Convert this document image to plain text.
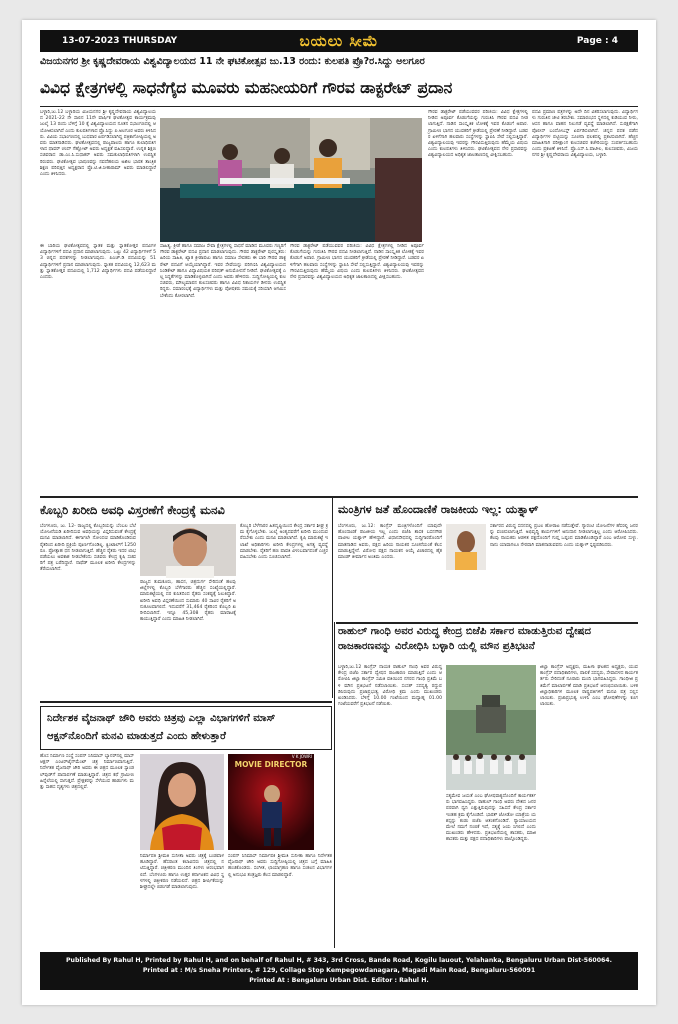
13-07-2023 THURSDAY	ಬಯಲು ಸೀಮೆ	Page : 4
ವಿಜಯನಗರ ಶ್ರೀ ಕೃಷ್ಣದೇವರಾಯ ವಿಶ್ವವಿದ್ಯಾಲಯದ 11 ನೇ ಘಟಿಕೋತ್ಸವ ಜು.13 ರಂದು: ಕುಲಪತಿ ಪ್ರೊ?ರ.ಸಿದ್ದು ಅಲಗೂರ
ವಿವಿಧ ಕ್ಷೇತ್ರಗಳಲ್ಲಿ ಸಾಧನೆಗೈದ ಮೂವರು ಮಹನೀಯರಿಗೆ ಗೌರವ ಡಾಕ್ಟರೇಟ್ ಪ್ರದಾನ
ಬಳ್ಳಾರಿ,ಜು.12 ಬಳ್ಳಾರಿಯ ವಿಜಯನಗರ ಶ್ರೀ ಕೃಷ್ಣದೇವರಾಯ ವಿಶ್ವವಿದ್ಯಾಲಯದ 2021-22 ನೇ ಸಾಲಿನ 11ನೇ ವಾರ್ಷಿಕ ಘಟಿಕೋತ್ಸವ ಕಾರ್ಯಕ್ರಮವು ಜುಲೈ 13 ರಂದು ಬೆಳಿಗ್ಗೆ 10 ಕ್ಕೆ ವಿಶ್ವವಿದ್ಯಾಲಯದ ನೂತನ ಸಭಾಂಗಣದಲ್ಲಿ ಆಯೋಜಿಸಲಾಗಿದೆ ಎಂದು ಕುಲಪತಿಗಳಾದ ಪ್ರೊ.ಸಿದ್ದು ಪಿ.ಅಲಗೂರ ಅವರು ತಿಳಿಸಿದರು. ವಿವಿಯ ಸಭಾಂಗಣದಲ್ಲಿ ಬುಧವಾರ ಏರ್ಪಡಿಸಲಾಗಿದ್ದ ಪತ್ರಿಕಾಗೋಷ್ಠಿಯಲ್ಲಿ ಅವರು ಮಾತನಾಡಿದರು. ಘಟಿಕೋತ್ಸವದಲ್ಲಿ ರಾಜ್ಯಪಾಲರು ಹಾಗೂ ಕುಲಾಧಿಪತಿಗಳಾದ ಥಾವರ್ ಚಂದ್ ಗೆಹ್ಲೋಟ್ ಅವರು ಅಧ್ಯಕ್ಷತೆ ವಹಿಸಲಿದ್ದಾರೆ. ಉನ್ನತ ಶಿಕ್ಷಣ ಸಚಿವರಾದ ಡಾ.ಎಂ.ಸಿ.ಸುಧಾಕರ್ ಅವರು ಸಮಕುಲಾಧಿಪತಿಗಳಾಗಿ ಉಪಸ್ಥಿತರಿರುವರು. ಘಟಿಕೋತ್ಸವ ಭಾಷಣವನ್ನು ನವದೆಹಲಿಯ ಅಖಿಲ ಭಾರತ ತಾಂತ್ರಿಕ ಶಿಕ್ಷಣ ಪರಿಷತ್ತಿನ ಅಧ್ಯಕ್ಷರಾದ ಪ್ರೊ.ಟಿ.ಜಿ.ಸೀತಾರಾಮ್ ಅವರು ಮಾಡಲಿದ್ದಾರೆ ಎಂದು ತಿಳಿಸಿದರು.
ಈ ಬಾರಿಯ ಘಟಿಕೋತ್ಸವದಲ್ಲಿ ಸ್ನಾತಕ ಮತ್ತು ಸ್ನಾತಕೋತ್ತರ ಪದವಿಗಳ ವಿದ್ಯಾರ್ಥಿಗಳಿಗೆ ಪದವಿ ಪ್ರದಾನ ಮಾಡಲಾಗುವುದು. ಒಟ್ಟು 42 ವಿದ್ಯಾರ್ಥಿಗಳಿಗೆ 53 ಚಿನ್ನದ ಪದಕಗಳನ್ನು ನೀಡಲಾಗುವುದು. ಪಿಎಚ್.ಡಿ ಪದವಿಯನ್ನು 51 ವಿದ್ಯಾರ್ಥಿಗಳಿಗೆ ಪ್ರದಾನ ಮಾಡಲಾಗುವುದು. ಸ್ನಾತಕ ಪದವಿಯಲ್ಲಿ 12,623 ಮತ್ತು ಸ್ನಾತಕೋತ್ತರ ಪದವಿಯಲ್ಲಿ 1,712 ವಿದ್ಯಾರ್ಥಿಗಳು ಪದವಿ ಪಡೆಯಲಿದ್ದಾರೆ ಎಂದರು.
ಸಾಹಿತ್ಯ, ಕ್ರೀಡೆ ಹಾಗೂ ಸಮಾಜ ಸೇವಾ ಕ್ಷೇತ್ರಗಳಲ್ಲಿ ಸಾಧನೆ ಮಾಡಿದ ಮೂವರು ಗಣ್ಯರಿಗೆ ಗೌರವ ಡಾಕ್ಟರೇಟ್ ಪದವಿ ಪ್ರದಾನ ಮಾಡಲಾಗುವುದು. ಗೌರವ ಡಾಕ್ಟರೇಟ್ ಪುರಸ್ಕೃತರು: ಹಿರಿಯ ಸಾಹಿತಿ, ಖ್ಯಾತ ಕ್ರೀಡಾಪಟು ಹಾಗೂ ಸಮಾಜ ಸೇವಕರು ಈ ಬಾರಿ ಗೌರವ ಡಾಕ್ಟರೇಟ್ ಪದವಿಗೆ ಆಯ್ಕೆಯಾಗಿದ್ದಾರೆ. ಇವರ ಸೇವೆಯನ್ನು ಪರಿಗಣಿಸಿ ವಿಶ್ವವಿದ್ಯಾಲಯದ ಸಿಂಡಿಕೇಟ್ ಹಾಗೂ ವಿದ್ಯಾವಿಷಯಕ ಪರಿಷತ್ ಅನುಮೋದನೆ ನೀಡಿದೆ. ಘಟಿಕೋತ್ಸವಕ್ಕೆ ಎಲ್ಲ ಸಿದ್ಧತೆಗಳನ್ನು ಮಾಡಿಕೊಳ್ಳಲಾಗಿದೆ ಎಂದು ಅವರು ಹೇಳಿದರು. ಸುದ್ದಿಗೋಷ್ಠಿಯಲ್ಲಿ ಕುಲಸಚಿವರು, ಮೌಲ್ಯಮಾಪನ ಕುಲಸಚಿವರು ಹಾಗೂ ವಿವಿಧ ನಿಕಾಯಗಳ ಡೀನರು ಉಪಸ್ಥಿತರಿದ್ದರು. ಸಮಾರಂಭಕ್ಕೆ ವಿದ್ಯಾರ್ಥಿಗಳು ಮತ್ತು ಪೋಷಕರು ಸಮಯಕ್ಕೆ ಸರಿಯಾಗಿ ಆಗಮಿಸಬೇಕೆಂದು ಕೋರಲಾಗಿದೆ.
ಗೌರವ ಡಾಕ್ಟರೇಟ್ ಪಡೆಯುವವರ ಪರಿಚಯ: ವಿವಿಧ ಕ್ಷೇತ್ರಗಳಲ್ಲಿ ನೀಡಿದ ಅಪೂರ್ವ ಕೊಡುಗೆಯನ್ನು ಗುರುತಿಸಿ ಗೌರವ ಪದವಿ ನೀಡಲಾಗುತ್ತಿದೆ. ನಾಡಿನ ಸಾಂಸ್ಕೃತಿಕ ಲೋಕಕ್ಕೆ ಇವರ ಕೊಡುಗೆ ಅಪಾರ. ಗ್ರಾಮೀಣ ಭಾಗದ ಯುವಕರಿಗೆ ಕ್ರೀಡೆಯಲ್ಲಿ ಪ್ರೇರಣೆ ನೀಡಿದ್ದಾರೆ. ಬಡವರ ಏಳಿಗೆಗಾಗಿ ಹಲವಾರು ಸಂಸ್ಥೆಗಳನ್ನು ಸ್ಥಾಪಿಸಿ ಸೇವೆ ಸಲ್ಲಿಸುತ್ತಿದ್ದಾರೆ. ವಿಶ್ವವಿದ್ಯಾಲಯವು ಇವರನ್ನು ಗೌರವಿಸುತ್ತಿರುವುದು ಹೆಮ್ಮೆಯ ವಿಷಯ ಎಂದು ಕುಲಪತಿಗಳು ತಿಳಿಸಿದರು. ಘಟಿಕೋತ್ಸವದ ನೇರ ಪ್ರಸಾರವನ್ನು ವಿಶ್ವವಿದ್ಯಾಲಯದ ಅಧಿಕೃತ ಜಾಲತಾಣದಲ್ಲಿ ವೀಕ್ಷಿಸಬಹುದು.
ಗೌರವ ಡಾಕ್ಟರೇಟ್ ಪಡೆಯುವವರ ಪರಿಚಯ: ವಿವಿಧ ಕ್ಷೇತ್ರಗಳಲ್ಲಿ ನೀಡಿದ ಅಪೂರ್ವ ಕೊಡುಗೆಯನ್ನು ಗುರುತಿಸಿ ಗೌರವ ಪದವಿ ನೀಡಲಾಗುತ್ತಿದೆ. ನಾಡಿನ ಸಾಂಸ್ಕೃತಿಕ ಲೋಕಕ್ಕೆ ಇವರ ಕೊಡುಗೆ ಅಪಾರ. ಗ್ರಾಮೀಣ ಭಾಗದ ಯುವಕರಿಗೆ ಕ್ರೀಡೆಯಲ್ಲಿ ಪ್ರೇರಣೆ ನೀಡಿದ್ದಾರೆ. ಬಡವರ ಏಳಿಗೆಗಾಗಿ ಹಲವಾರು ಸಂಸ್ಥೆಗಳನ್ನು ಸ್ಥಾಪಿಸಿ ಸೇವೆ ಸಲ್ಲಿಸುತ್ತಿದ್ದಾರೆ. ವಿಶ್ವವಿದ್ಯಾಲಯವು ಇವರನ್ನು ಗೌರವಿಸುತ್ತಿರುವುದು ಹೆಮ್ಮೆಯ ವಿಷಯ ಎಂದು ಕುಲಪತಿಗಳು ತಿಳಿಸಿದರು. ಘಟಿಕೋತ್ಸವದ ನೇರ ಪ್ರಸಾರವನ್ನು ವಿಶ್ವವಿದ್ಯಾಲಯದ ಅಧಿಕೃತ ಜಾಲತಾಣದಲ್ಲಿ ವೀಕ್ಷಿಸಬಹುದು.
ಪದವಿ ಪ್ರಮಾಣ ಪತ್ರಗಳನ್ನು ಅದೇ ದಿನ ವಿತರಿಸಲಾಗುವುದು. ವಿದ್ಯಾರ್ಥಿಗಳು ಗುರುತಿನ ಚೀಟಿ ತರಬೇಕು. ಸಮಾರಂಭದ ಸ್ಥಳದಲ್ಲಿ ಕುಡಿಯುವ ನೀರು, ಆಸನ ಹಾಗೂ ವಾಹನ ನಿಲುಗಡೆ ವ್ಯವಸ್ಥೆ ಮಾಡಲಾಗಿದೆ. ಸುರಕ್ಷತೆಗಾಗಿ ಪೊಲೀಸ್ ಬಂದೋಬಸ್ತ್ ಏರ್ಪಡಿಸಲಾಗಿದೆ. ಚಿನ್ನದ ಪದಕ ಪಡೆದ ವಿದ್ಯಾರ್ಥಿಗಳ ಪಟ್ಟಿಯನ್ನು ಸೂಚನಾ ಫಲಕದಲ್ಲಿ ಪ್ರಕಟಿಸಲಾಗಿದೆ. ಹೆಚ್ಚಿನ ಮಾಹಿತಿಗಾಗಿ ಪರೀಕ್ಷಾಂಗ ಕುಲಸಚಿವರ ಕಚೇರಿಯನ್ನು ಸಂಪರ್ಕಿಸಬಹುದು ಎಂದು ಪ್ರಕಟಣೆ ತಿಳಿಸಿದೆ. ಪ್ರೊ.ಎಸ್.ಸಿ.ಪಾಟೀಲ, ಕುಲಸಚಿವರು, ವಿಜಯನಗರ ಶ್ರೀ ಕೃಷ್ಣದೇವರಾಯ ವಿಶ್ವವಿದ್ಯಾಲಯ, ಬಳ್ಳಾರಿ.
ಕೊಬ್ಬರಿ ಖರೀದಿ ಅವಧಿ ವಿಸ್ತರಣೆಗೆ ಕೇಂದ್ರಕ್ಕೆ ಮನವಿ
ಬೆಂಗಳೂರು, ಜು. 12- ರಾಜ್ಯದಲ್ಲಿ ಕೊಬ್ಬರಿಯನ್ನು ಬೆಂಬಲ ಬೆಲೆ ಯೋಜನೆಯಡಿ ಖರೀದಿಸುವ ಅವಧಿಯನ್ನು ವಿಸ್ತರಿಸುವಂತೆ ಕೇಂದ್ರಕ್ಕೆ ಮನವಿ ಮಾಡಲಾಗಿದೆ. ಈಗಾಗಲೇ ನೋಂದಣಿ ಮಾಡಿಕೊಂಡಿರುವ ರೈತರಿಂದ ಖರೀದಿ ಪ್ರಕ್ರಿಯೆ ಪೂರ್ಣಗೊಂಡಿಲ್ಲ. ಕ್ವಿಂಟಾಲ್‌ಗೆ 1250 ರೂ. ಪ್ರೋತ್ಸಾಹ ಧನ ನೀಡಲಾಗುತ್ತಿದೆ. ಹೆಚ್ಚಿನ ರೈತರು ಇದರ ಲಾಭ ಪಡೆಯಲು ಅವಕಾಶ ನೀಡಬೇಕೆಂದು ಸಚಿವರು ಕೇಂದ್ರ ಕೃಷಿ ಸಚಿವರಿಗೆ ಪತ್ರ ಬರೆದಿದ್ದಾರೆ. ನಾಫೆಡ್ ಮೂಲಕ ಖರೀದಿ ಕೇಂದ್ರಗಳನ್ನು ತೆರೆಯಲಾಗಿದೆ.
ರಾಜ್ಯದ ತುಮಕೂರು, ಹಾಸನ, ಚಿತ್ರದುರ್ಗ ಸೇರಿದಂತೆ ಹಲವು ಜಿಲ್ಲೆಗಳಲ್ಲಿ ಕೊಬ್ಬರಿ ಬೆಳೆಗಾರರು ಹೆಚ್ಚಿನ ಸಂಖ್ಯೆಯಲ್ಲಿದ್ದಾರೆ. ಮಾರುಕಟ್ಟೆಯಲ್ಲಿ ದರ ಕುಸಿತದಿಂದ ರೈತರು ಸಂಕಷ್ಟಕ್ಕೆ ಸಿಲುಕಿದ್ದಾರೆ. ಖರೀದಿ ಅವಧಿ ವಿಸ್ತರಣೆಯಿಂದ ಸುಮಾರು 40 ಸಾವಿರ ರೈತರಿಗೆ ಅನುಕೂಲವಾಗಲಿದೆ. ಇದುವರೆಗೆ 31,464 ರೈತರಿಂದ ಕೊಬ್ಬರಿ ಖರೀದಿಸಲಾಗಿದೆ. ಇನ್ನೂ 45,308 ರೈತರು ಮಾರಾಟಕ್ಕೆ ಕಾಯುತ್ತಿದ್ದಾರೆ ಎಂದು ಮಾಹಿತಿ ನೀಡಲಾಗಿದೆ.
ಕೊಬ್ಬರಿ ಬೆಳೆಗಾರರ ಹಿತದೃಷ್ಟಿಯಿಂದ ಕೇಂದ್ರ ಸರ್ಕಾರ ಶೀಘ್ರ ಕ್ರಮ ಕೈಗೊಳ್ಳಬೇಕು. ಜುಲೈ ಅಂತ್ಯದವರೆಗೆ ಖರೀದಿ ಮುಂದುವರೆಸಬೇಕು ಎಂದು ಮನವಿ ಮಾಡಲಾಗಿದೆ. ಕೃಷಿ ಮಾರುಕಟ್ಟೆ ಇಲಾಖೆ ಅಧಿಕಾರಿಗಳು ಖರೀದಿ ಕೇಂದ್ರಗಳಲ್ಲಿ ಅಗತ್ಯ ವ್ಯವಸ್ಥೆ ಮಾಡಬೇಕು. ರೈತರಿಗೆ ಹಣ ಪಾವತಿ ವಿಳಂಬವಾಗದಂತೆ ಎಚ್ಚರ ವಹಿಸಬೇಕು ಎಂದು ಸೂಚಿಸಲಾಗಿದೆ.
ಮಂತ್ರಿಗಳ ಜತೆ ಹೊಂದಾಣಿಕೆ ರಾಜಕೀಯ ಇಲ್ಲ: ಯತ್ನಾಳ್
ಬೆಂಗಳೂರು, ಜು.12: ಕಾಂಗ್ರೆಸ್ ಮಂತ್ರಿಗಳೊಂದಿಗೆ ಯಾವುದೇ ಹೊಂದಾಣಿಕೆ ರಾಜಕೀಯ ಇಲ್ಲ ಎಂದು ಬಿಜೆಪಿ ಶಾಸಕ ಬಸನಗೌಡ ಪಾಟೀಲ ಯತ್ನಾಳ್ ಹೇಳಿದ್ದಾರೆ. ವಿಧಾನಸೌಧದಲ್ಲಿ ಸುದ್ದಿಗಾರರೊಂದಿಗೆ ಮಾತನಾಡಿದ ಅವರು, ಪಕ್ಷದ ಹಿರಿಯ ನಾಯಕರ ಸೂಚನೆಯಂತೆ ಕೆಲಸ ಮಾಡುತ್ತಿದ್ದೇನೆ. ವಿರೋಧ ಪಕ್ಷದ ನಾಯಕನ ಆಯ್ಕೆ ವಿಚಾರದಲ್ಲಿ ಹೈಕಮಾಂಡ್ ತೀರ್ಮಾನ ಅಂತಿಮ ಎಂದರು.
ಸರ್ಕಾರದ ವಿರುದ್ಧ ಸದನದಲ್ಲಿ ಪ್ರಬಲ ಹೋರಾಟ ನಡೆಸುತ್ತೇವೆ. ಗ್ಯಾರಂಟಿ ಯೋಜನೆಗಳ ಹೆಸರಲ್ಲಿ ಜನರನ್ನು ವಂಚಿಸಲಾಗುತ್ತಿದೆ. ಅಭಿವೃದ್ಧಿ ಕಾರ್ಯಗಳಿಗೆ ಅನುದಾನ ನೀಡಲಾಗುತ್ತಿಲ್ಲ ಎಂದು ಆರೋಪಿಸಿದರು. ಕೆಲವು ನಾಯಕರು ಆಡಳಿತ ಪಕ್ಷದೊಂದಿಗೆ ಗುಪ್ತ ಒಪ್ಪಂದ ಮಾಡಿಕೊಂಡಿದ್ದಾರೆ ಎಂಬ ಆರೋಪ ಸುಳ್ಳು. ನಾನು ಯಾವಾಗಲೂ ನೇರವಾಗಿ ಮಾತನಾಡುವವನು ಎಂದು ಯತ್ನಾಳ್ ಸ್ಪಷ್ಟಪಡಿಸಿದರು.
ರಾಹುಲ್ ಗಾಂಧಿ ಅವರ ವಿರುದ್ಧ ಕೇಂದ್ರ ಬಿಜೆಪಿ ಸರ್ಕಾರ ಮಾಡುತ್ತಿರುವ ದ್ವೇಷದ ರಾಜಕಾರಣವನ್ನು ವಿರೋಧಿಸಿ ಬಳ್ಳಾರಿ ಯಲ್ಲಿ ಮೌನ ಪ್ರತಿಭಟನೆ
ಬಳ್ಳಾರಿ,ಜು.12 ಕಾಂಗ್ರೆಸ್ ನಾಯಕ ರಾಹುಲ್ ಗಾಂಧಿ ಅವರ ವಿರುದ್ಧ ಕೇಂದ್ರ ಬಿಜೆಪಿ ಸರ್ಕಾರ ದ್ವೇಷದ ರಾಜಕಾರಣ ಮಾಡುತ್ತಿದೆ ಎಂದು ಆರೋಪಿಸಿ ಜಿಲ್ಲಾ ಕಾಂಗ್ರೆಸ್ ಸಮಿತಿ ವತಿಯಿಂದ ನಗರದ ಗಾಂಧಿ ಪ್ರತಿಮೆ ಬಳಿ ಮೌನ ಪ್ರತಿಭಟನೆ ನಡೆಸಲಾಯಿತು. ಸಂಸತ್ ಸದಸ್ಯತ್ವ ರದ್ದುಪಡಿಸಿರುವುದು ಪ್ರಜಾಪ್ರಭುತ್ವ ವಿರೋಧಿ ಕ್ರಮ ಎಂದು ಮುಖಂಡರು ಖಂಡಿಸಿದರು. ಬೆಳಿಗ್ಗೆ 10.00 ಗಂಟೆಯಿಂದ ಮಧ್ಯಾಹ್ನ 01.00 ಗಂಟೆಯವರೆಗೆ ಪ್ರತಿಭಟನೆ ನಡೆಯಿತು.
ಸತ್ಯಮೇವ ಜಯತೆ ಎಂಬ ಘೋಷವಾಕ್ಯದೊಂದಿಗೆ ಕಾರ್ಯಕರ್ತರು ಭಾಗವಹಿಸಿದ್ದರು. ರಾಹುಲ್ ಗಾಂಧಿ ಅವರು ದೇಶದ ಜನರ ಪರವಾಗಿ ಧ್ವನಿ ಎತ್ತುತ್ತಿರುವುದನ್ನು ಸಹಿಸದೆ ಕೇಂದ್ರ ಸರ್ಕಾರ ಇಂತಹ ಕ್ರಮ ಕೈಗೊಂಡಿದೆ. ಭಾರತ್ ಜೋಡೋ ಯಾತ್ರೆಯ ಯಶಸ್ಸನ್ನು ಕಂಡು ಬಿಜೆಪಿ ಆತಂಕಗೊಂಡಿದೆ. ನ್ಯಾಯಾಲಯದ ಮೇಲೆ ನಮಗೆ ನಂಬಿಕೆ ಇದೆ, ಸತ್ಯಕ್ಕೆ ಜಯ ಸಿಗಲಿದೆ ಎಂದು ಮುಖಂಡರು ಹೇಳಿದರು. ಪ್ರತಿಭಟನೆಯಲ್ಲಿ ಶಾಸಕರು, ಮಾಜಿ ಶಾಸಕರು ಮತ್ತು ಪಕ್ಷದ ಪದಾಧಿಕಾರಿಗಳು ಪಾಲ್ಗೊಂಡಿದ್ದರು.
ಜಿಲ್ಲಾ ಕಾಂಗ್ರೆಸ್ ಅಧ್ಯಕ್ಷರು, ಮಹಿಳಾ ಘಟಕದ ಅಧ್ಯಕ್ಷರು, ಯುವ ಕಾಂಗ್ರೆಸ್ ಪದಾಧಿಕಾರಿಗಳು, ಪಾಲಿಕೆ ಸದಸ್ಯರು, ಸೇವಾದಳದ ಕಾರ್ಯಕರ್ತರು ಸೇರಿದಂತೆ ನೂರಾರು ಮಂದಿ ಭಾಗವಹಿಸಿದ್ದರು. ಗಾಂಧೀಜಿ ಪ್ರತಿಮೆಗೆ ಮಾಲಾರ್ಪಣೆ ಮಾಡಿ ಪ್ರತಿಭಟನೆ ಆರಂಭಿಸಲಾಯಿತು. ಬಳಿಕ ಜಿಲ್ಲಾಧಿಕಾರಿಗಳ ಮೂಲಕ ರಾಷ್ಟ್ರಪತಿಗಳಿಗೆ ಮನವಿ ಪತ್ರ ಸಲ್ಲಿಸಲಾಯಿತು. ಪ್ರಜಾಪ್ರಭುತ್ವ ಉಳಿಸಿ ಎಂಬ ಘೋಷಣೆಗಳನ್ನು ಕೂಗಲಾಯಿತು.
ನಿರ್ದೇಶಕ ವೈಜನಾಥ್ ಜೌರಿ ಅವರು ಚಿತ್ರವು ಎಲ್ಲಾ ವಿಭಾಗಗಳಿಗೆ ಮಾಸ್ ಆಕ್ಷನ್‌ನೊಂದಿಗೆ ಮನವಿ ಮಾಡುತ್ತದೆ ಎಂದು ಹೇಳುತ್ತಾರೆ
ಹೊಸ ನಿರ್ಮಾಣ ಸಂಸ್ಥೆ ಸಂಪನ್ ಸಿನಿಮಾಸ್ ಬ್ಯಾನರ್‌ನಲ್ಲಿ ಮಾಸ್ ಆಕ್ಷನ್ ಎಂಟರ್‌ಟೈನ್‌ಮೆಂಟ್ ಚಿತ್ರ ನಿರ್ಮಾಣವಾಗುತ್ತಿದೆ. ನಿರ್ದೇಶಕ ವೈಜನಾಥ್ ಜೌರಿ ಅವರು ಈ ಚಿತ್ರದ ಮೂಲಕ ಸ್ಯಾಂಡಲ್‌ವುಡ್‌ಗೆ ಪಾದಾರ್ಪಣೆ ಮಾಡುತ್ತಿದ್ದಾರೆ. ಚಿತ್ರದ ಕಥೆ ಗ್ರಾಮೀಣ ಹಿನ್ನೆಲೆಯಲ್ಲಿ ಸಾಗುತ್ತದೆ. ಪ್ರೇಕ್ಷಕರನ್ನು ಸೆಳೆಯುವ ಹಾಡುಗಳು ಮತ್ತು ಸಾಹಸ ದೃಶ್ಯಗಳು ಚಿತ್ರದಲ್ಲಿವೆ.
ನಿರ್ಮಾಪಕಿ ಶ್ರೀಮತಿ ಸುನೀತಾ ಅವರು ಚಿತ್ರಕ್ಕೆ ಬಂಡವಾಳ ಹೂಡಿದ್ದಾರೆ. ಹೆಸರಾಂತ ಕಲಾವಿದರು ಚಿತ್ರದಲ್ಲಿ ನಟಿಸುತ್ತಿದ್ದಾರೆ. ಚಿತ್ರೀಕರಣ ಮುಂದಿನ ತಿಂಗಳು ಆರಂಭವಾಗಲಿದೆ. ಬೆಂಗಳೂರು ಹಾಗೂ ಉತ್ತರ ಕರ್ನಾಟಕದ ವಿವಿಧ ಸ್ಥಳಗಳಲ್ಲಿ ಚಿತ್ರೀಕರಣ ನಡೆಯಲಿದೆ. ಚಿತ್ರದ ಶೀರ್ಷಿಕೆಯನ್ನು ಶೀಘ್ರದಲ್ಲೇ ಬಿಡುಗಡೆ ಮಾಡಲಾಗುವುದು.
MOVIE DIRECTOR
V K JOWRI
ಸಂಪನ್ ಸಿನಿಮಾಸ್ ನಿರ್ಮಾಪಕಿ ಶ್ರೀಮತಿ ಸುನೀತಾ ಹಾಗೂ ನಿರ್ದೇಶಕ ವೈಜನಾಥ್ ಜೌರಿ ಅವರು ಸುದ್ದಿಗೋಷ್ಠಿಯಲ್ಲಿ ಚಿತ್ರದ ಬಗ್ಗೆ ಮಾಹಿತಿ ಹಂಚಿಕೊಂಡರು. ಸಂಗೀತ, ಛಾಯಾಗ್ರಹಣ ಹಾಗೂ ಸಂಕಲನ ವಿಭಾಗಗಳಲ್ಲಿ ಅನುಭವಿ ತಂತ್ರಜ್ಞರು ಕೆಲಸ ಮಾಡಲಿದ್ದಾರೆ.
Published By Rahul H, Printed by Rahul H, and on behalf of Rahul H, # 343, 3rd Cross, Bande Road, Kogilu lauout, Yelahanka, Bengaluru Urban Dist-560064.
Printed at : M/s Sneha Printers, # 129, Collage Stop Kempegowdanagara, Magadi Main Road, Bengaluru-560091
Printed At : Bengaluru Urban Dist. Editor : Rahul H.
